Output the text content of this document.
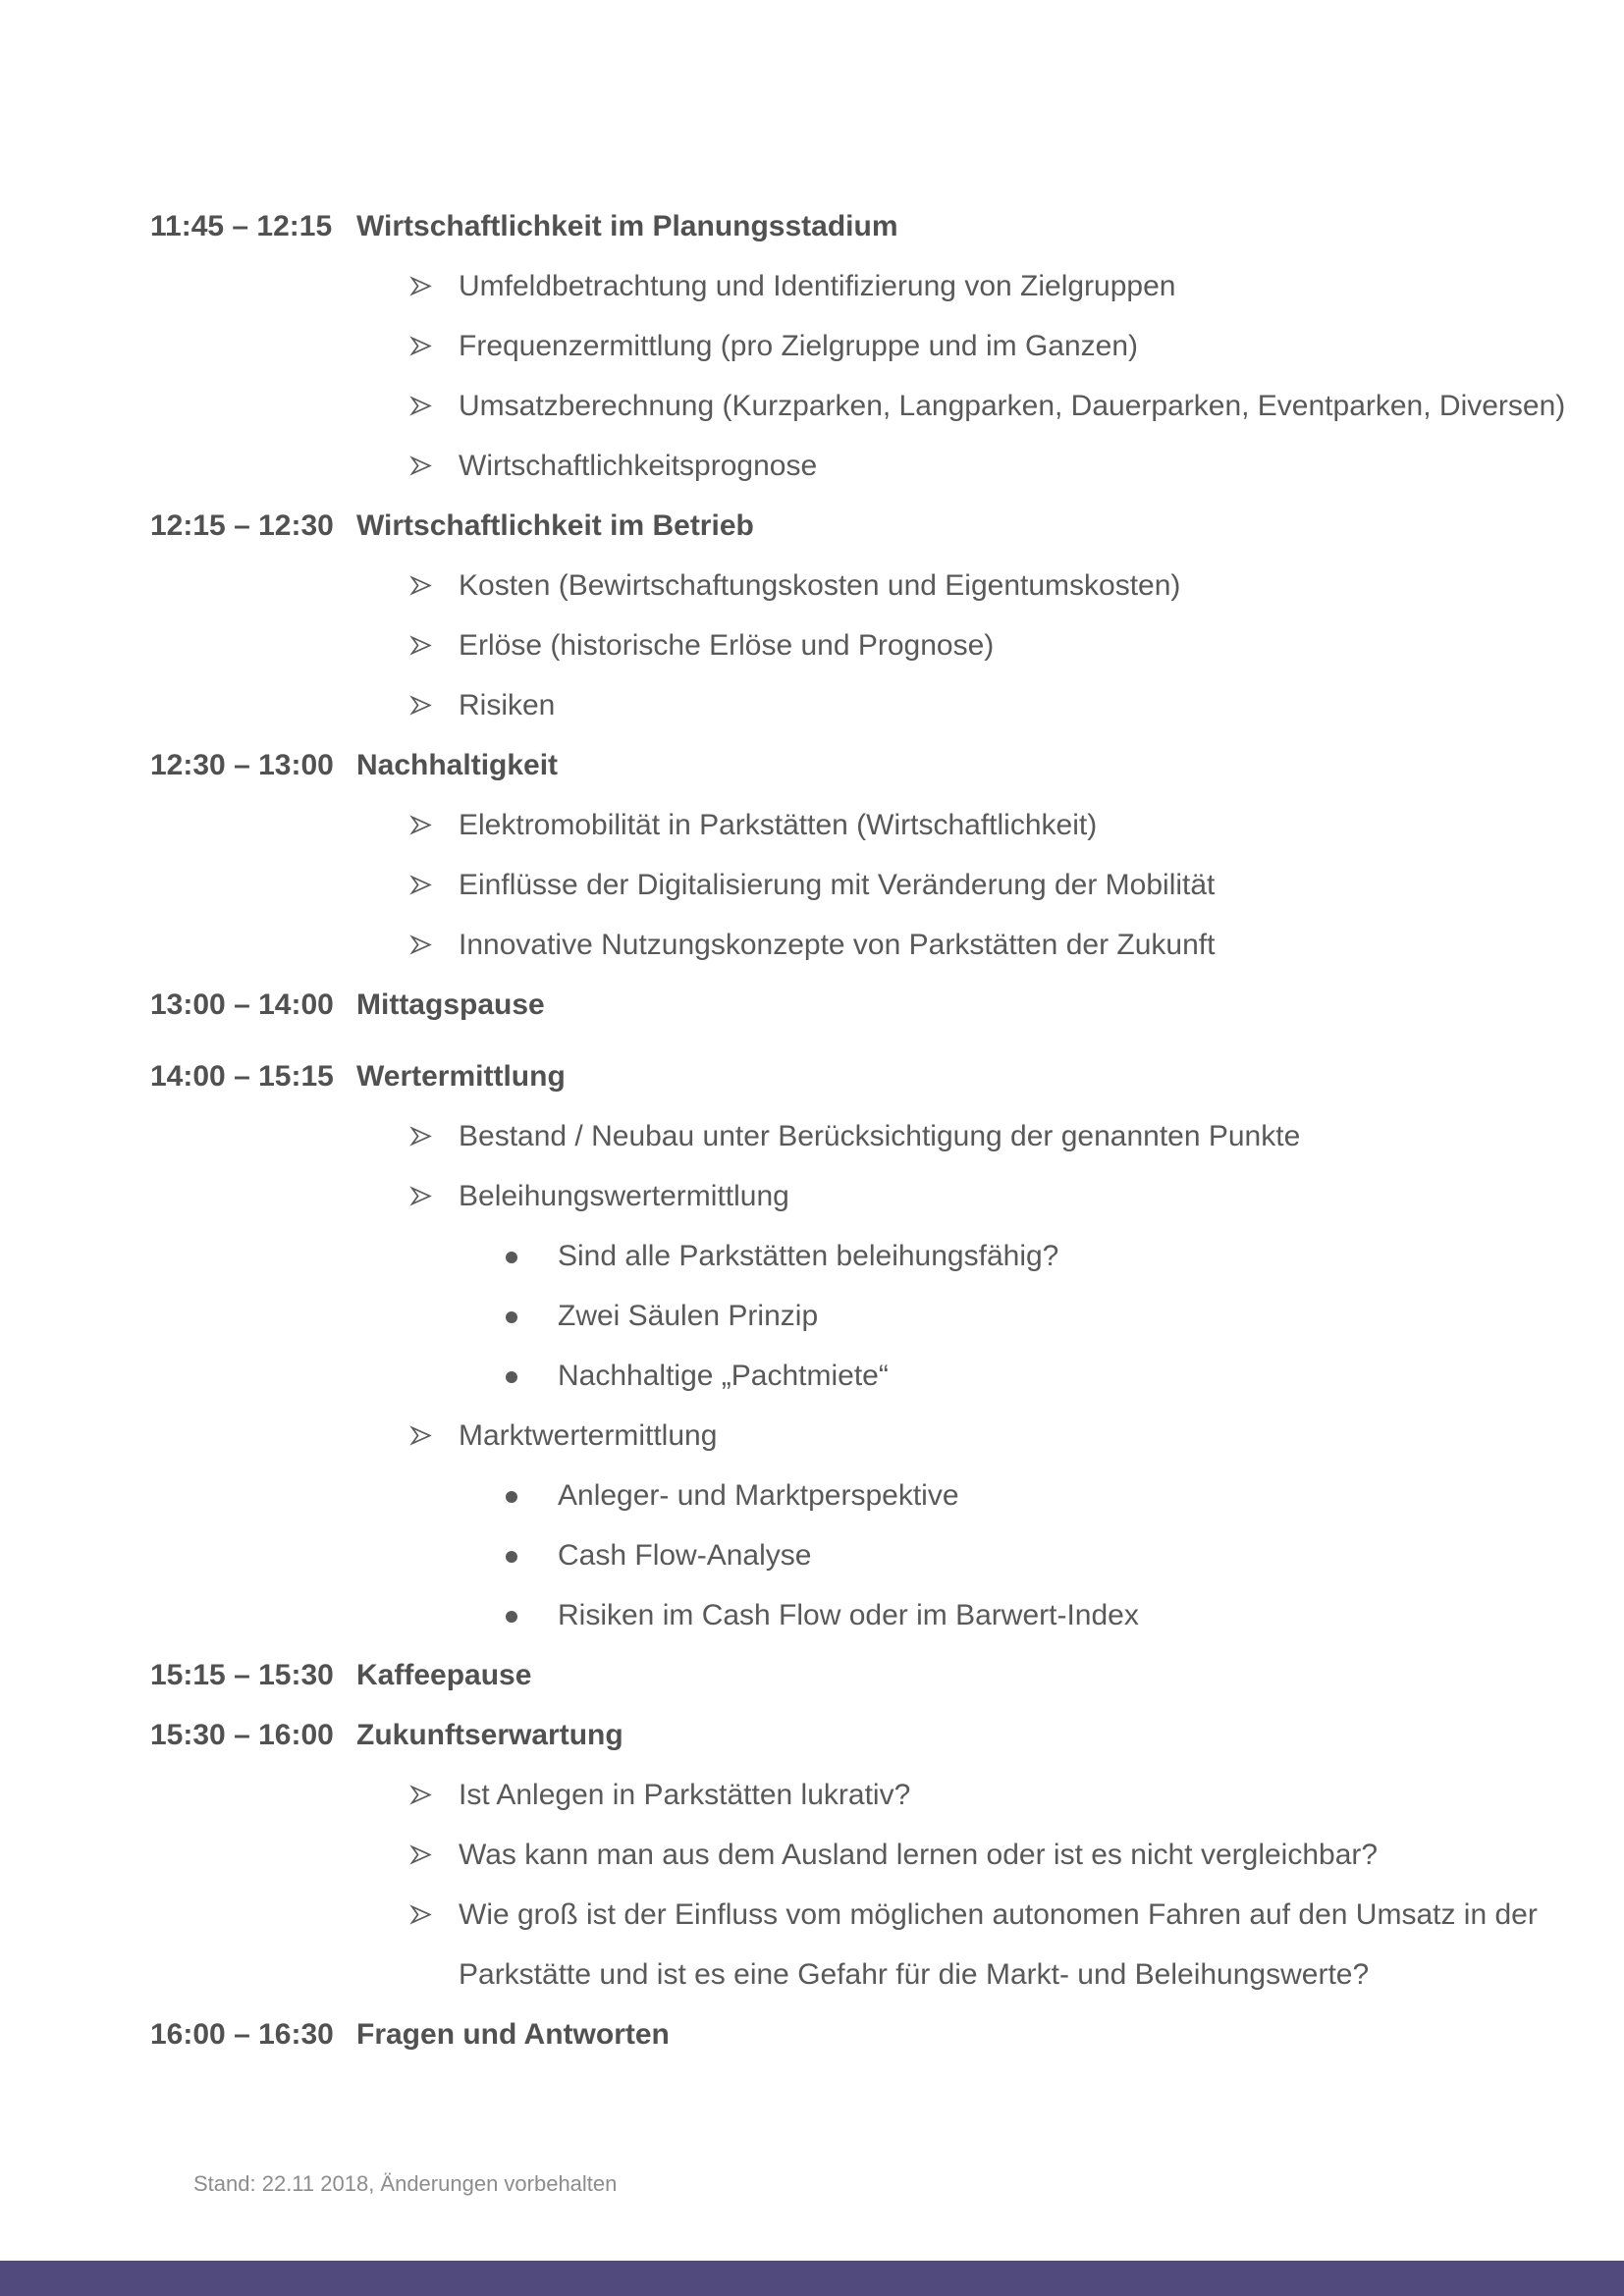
11:45 – 12:15 Wirtschaftlichkeit im Planungsstadium
Umfeldbetrachtung und Identifizierung von Zielgruppen
Frequenzermittlung (pro Zielgruppe und im Ganzen)
Umsatzberechnung (Kurzparken, Langparken, Dauerparken, Eventparken, Diversen)
Wirtschaftlichkeitsprognose
12:15 – 12:30 Wirtschaftlichkeit im Betrieb
Kosten (Bewirtschaftungskosten und Eigentumskosten)
Erlöse (historische Erlöse und Prognose)
Risiken
12:30 – 13:00 Nachhaltigkeit
Elektromobilität in Parkstätten (Wirtschaftlichkeit)
Einflüsse der Digitalisierung mit Veränderung der Mobilität
Innovative Nutzungskonzepte von Parkstätten der Zukunft
13:00 – 14:00 Mittagspause
14:00 – 15:15 Wertermittlung
Bestand / Neubau unter Berücksichtigung der genannten Punkte
Beleihungswertermittlung
Sind alle Parkstätten beleihungsfähig?
Zwei Säulen Prinzip
Nachhaltige „Pachtmiete“
Marktwertermittlung
Anleger- und Marktperspektive
Cash Flow-Analyse
Risiken im Cash Flow oder im Barwert-Index
15:15 – 15:30 Kaffeepause
15:30 – 16:00 Zukunftserwartung
Ist Anlegen in Parkstätten lukrativ?
Was kann man aus dem Ausland lernen oder ist es nicht vergleichbar?
Wie groß ist der Einfluss vom möglichen autonomen Fahren auf den Umsatz in der Parkstätte und ist es eine Gefahr für die Markt- und Beleihungswerte?
16:00 – 16:30 Fragen und Antworten
Stand: 22.11 2018, Änderungen vorbehalten
